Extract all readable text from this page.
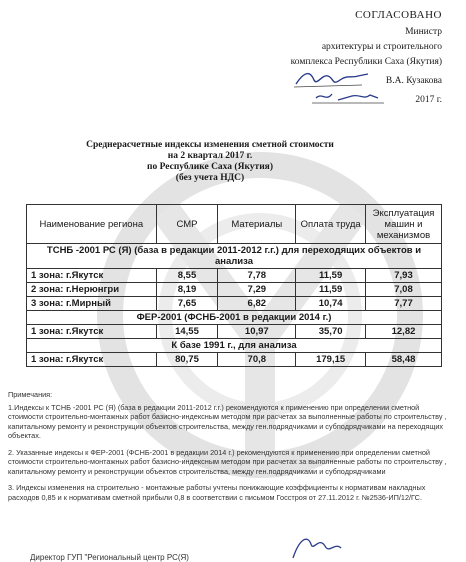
СОГЛАСОВАНО
Министр
архитектуры и строительного
комплекса Республики Саха (Якутия)
В.А. Кузакова
2017 г.
Среднерасчетные индексы изменения сметной стоимости
на 2 квартал 2017 г.
по Республике Саха (Якутия)
(без учета НДС)
Наименование региона	СМР	Материалы	Оплата труда	Эксплуатация машин и механизмов
ТСНБ -2001 РС (Я) (база в редакции 2011-2012 г.г.) для переходящих объектов и анализа				
1 зона: г.Якутск	8,55	7,78	11,59	7,93
2 зона: г.Нерюнгри	8,19	7,29	11,59	7,08
3 зона: г.Мирный	7,65	6,82	10,74	7,77
ФЕР-2001 (ФСНБ-2001 в редакции 2014 г.)				
1 зона: г.Якутск	14,55	10,97	35,70	12,82
К базе 1991 г., для анализа				
1 зона: г.Якутск	80,75	70,8	179,15	58,48

Примечания:

1.Индексы к ТСНБ -2001 РС (Я) (база в редакции 2011-2012 г.г.) рекомендуются к применению при определении сметной стоимости строительно-монтажных работ базисно-индексным методом при расчетах за выполненные работы по строительству , капитальному ремонту и реконструкции объектов строительства, между ген.подрядчиками и субподрядчиками на переходящих объектах.

2. Указанные индексы к ФЕР-2001 (ФСНБ-2001 в редакции 2014 г.) рекомендуются к применению при определении сметной стоимости строительно-монтажных работ базисно-индексным методом при расчетах за выполненные работы по строительству , капитальному ремонту и реконструкции объектов строительства, между ген.подрядчиками и субподрядчиками

3. Индексы изменения на строительно - монтажные работы учтены понижающие коэффициенты к нормативам накладных расходов 0,85 и к нормативам сметной прибыли 0,8 в соответствии с письмом Госстроя от 27.11.2012 г. №2536-ИП/12/ГС.

Директор ГУП "Региональный центр РС(Я)
